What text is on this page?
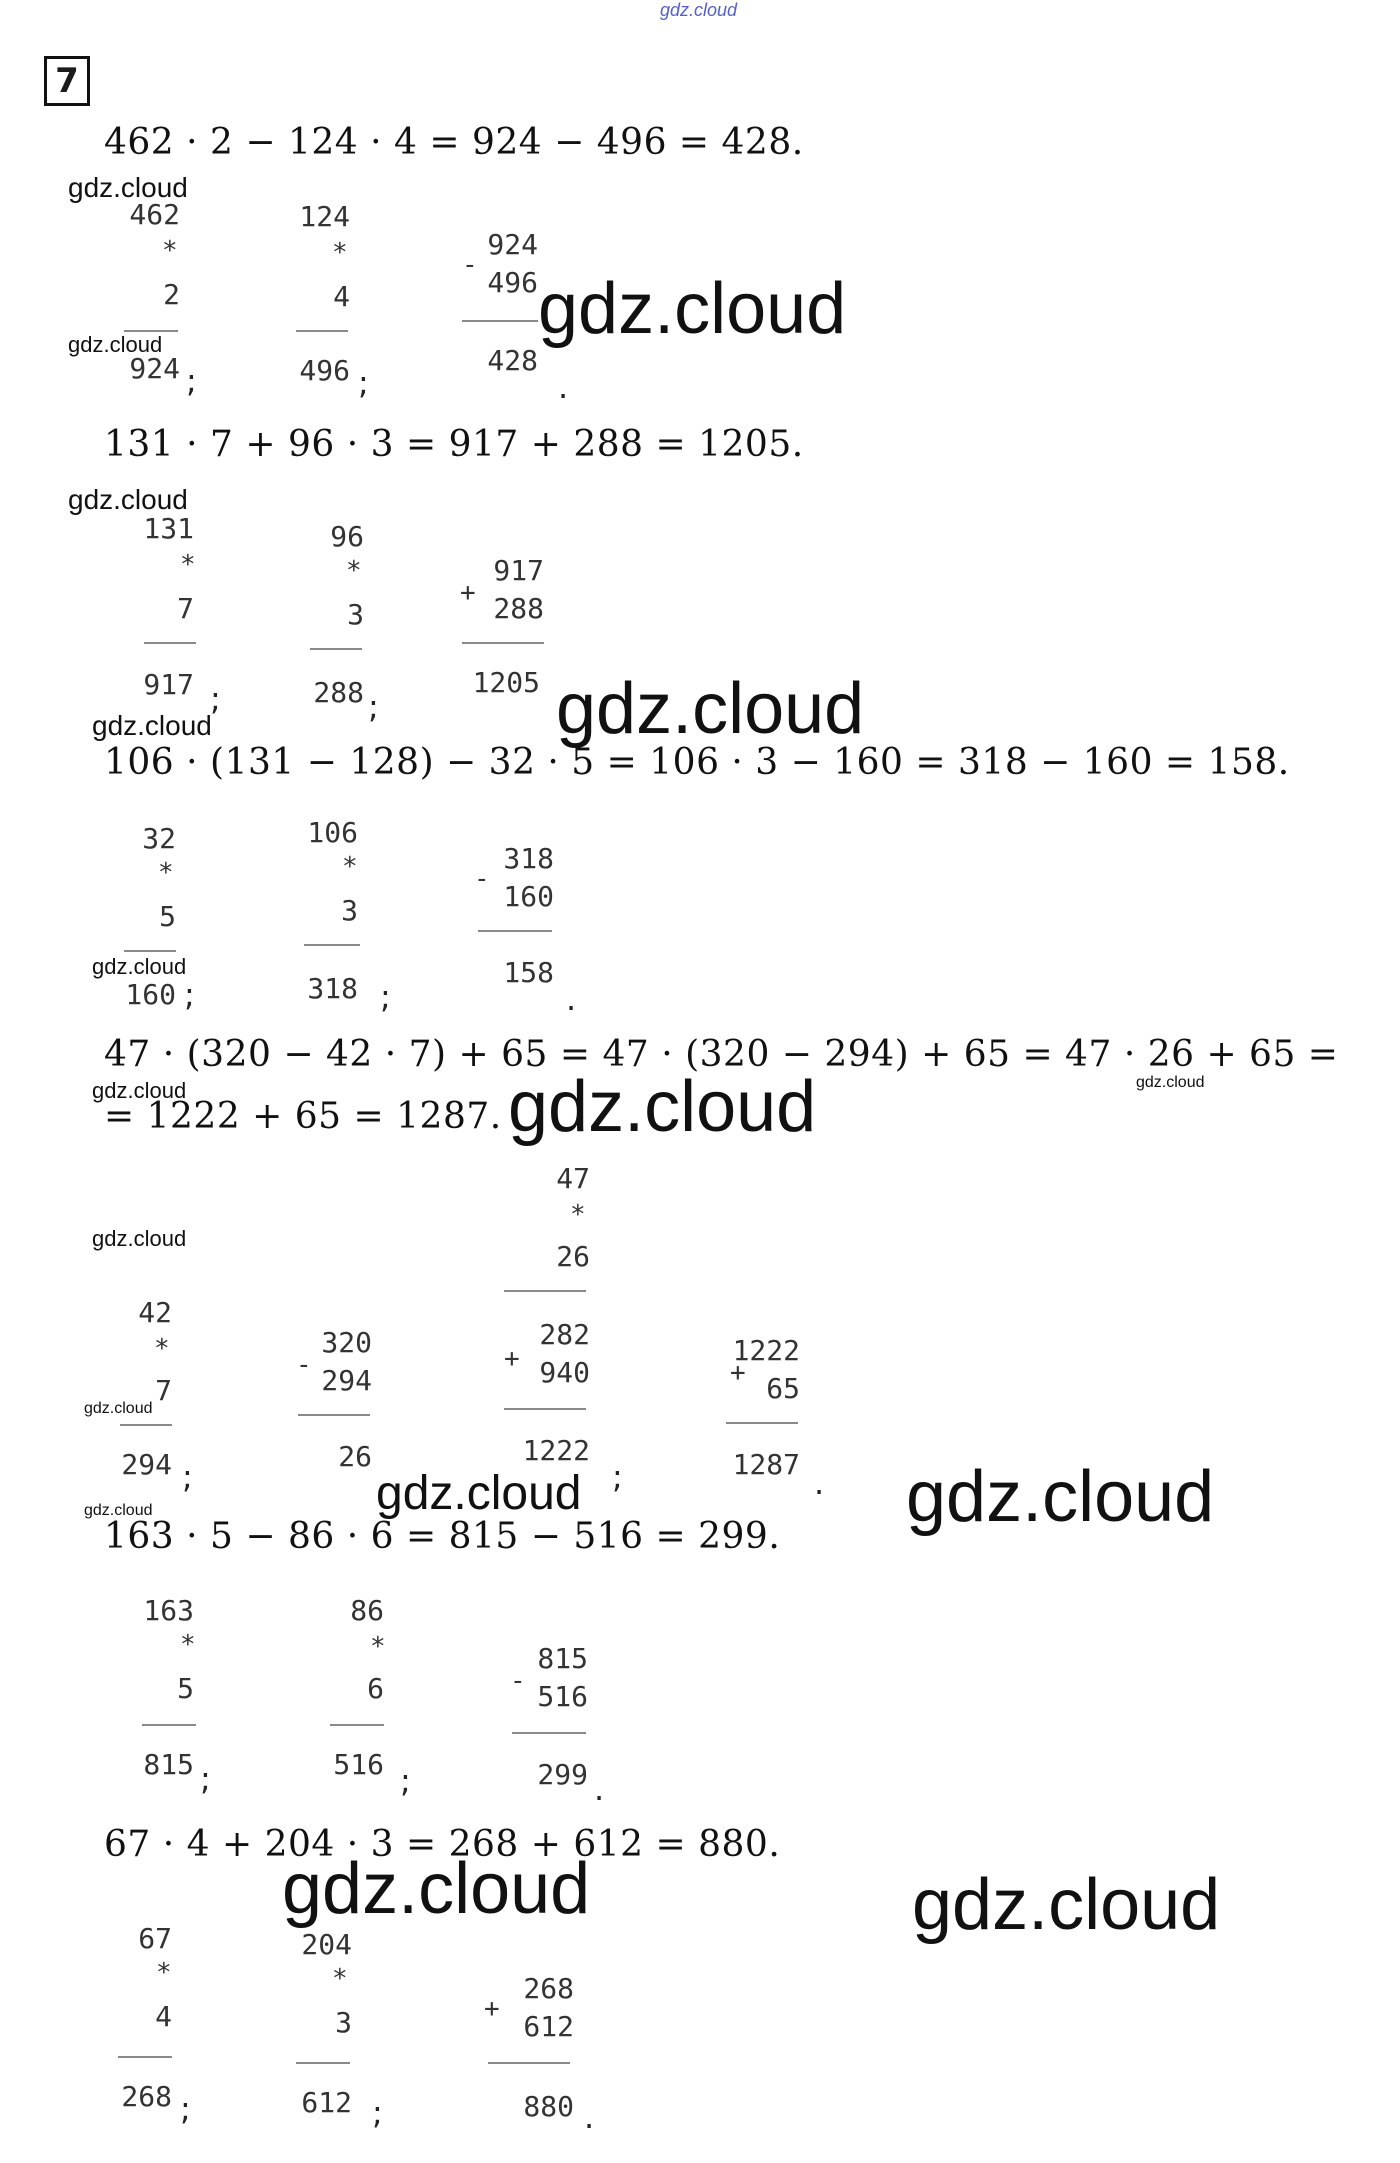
gdz.cloud
7
462 · 2 − 124 · 4 = 924 − 496 = 428.
gdz.cloud
gdz.cloud
gdz.cloud
462
*
2
924 ;
124
*
4
496 ;
-
924
496
428
.
131 · 7 + 96 · 3 = 917 + 288 = 1205.
gdz.cloud
131
*
7
917 ;
96
*
3
288 ;
+
917
288
1205 gdz.cloud
gdz.cloud
106 · (131 − 128) − 32 · 5 = 106 · 3 − 160 = 318 − 160 = 158.
32
*
5
gdz.cloud
160 ;
106
*
3
318 ;
-
318
160
158
.
47 · (320 − 42 · 7) + 65 = 47 · (320 − 294) + 65 = 47 · 26 + 65 =
gdz.cloud
gdz.cloud
= 1222 + 65 = 1287. gdz.cloud
gdz.cloud
42
*
7
gdz.cloud
294 ;
-
320
294
26
47
*
26
+
282
940
1222
;
1222
+ 65
1287 .
gdz.cloud	gdz.cloud
gdz.cloud
163 · 5 − 86 · 6 = 815 − 516 = 299.
163
*
5
815 ;
86
*
6
516 ;
-
815
516
299 .
67 · 4 + 204 · 3 = 268 + 612 = 880.
gdz.cloud	gdz.cloud
67
*
4
268 ;
204
*
3
612 ;
+
268
612
880 .
